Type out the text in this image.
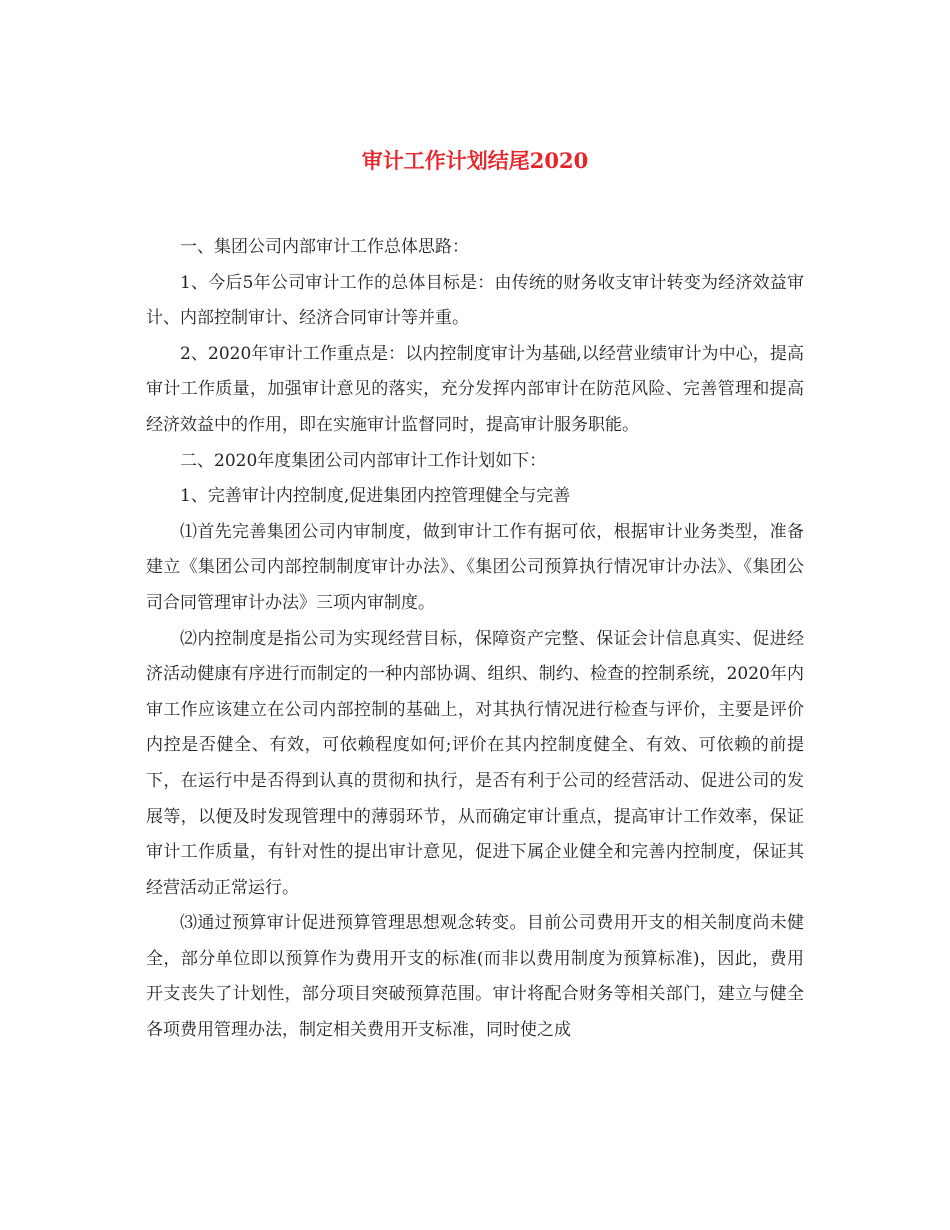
审计工作计划结尾2020

一、集团公司内部审计工作总体思路：

1、今后5年公司审计工作的总体目标是：由传统的财务收支审计转变为经济效益审计、内部控制审计、经济合同审计等并重。

2、2020年审计工作重点是：以内控制度审计为基础,以经营业绩审计为中心，提高审计工作质量，加强审计意见的落实，充分发挥内部审计在防范风险、完善管理和提高经济效益中的作用，即在实施审计监督同时，提高审计服务职能。

二、2020年度集团公司内部审计工作计划如下：

1、完善审计内控制度,促进集团内控管理健全与完善

⑴首先完善集团公司内审制度，做到审计工作有据可依，根据审计业务类型，准备建立《集团公司内部控制制度审计办法》、《集团公司预算执行情况审计办法》、《集团公司合同管理审计办法》三项内审制度。

⑵内控制度是指公司为实现经营目标，保障资产完整、保证会计信息真实、促进经济活动健康有序进行而制定的一种内部协调、组织、制约、检查的控制系统，2020年内审工作应该建立在公司内部控制的基础上，对其执行情况进行检查与评价，主要是评价内控是否健全、有效，可依赖程度如何;评价在其内控制度健全、有效、可依赖的前提下，在运行中是否得到认真的贯彻和执行，是否有利于公司的经营活动、促进公司的发展等，以便及时发现管理中的薄弱环节，从而确定审计重点，提高审计工作效率，保证审计工作质量，有针对性的提出审计意见，促进下属企业健全和完善内控制度，保证其经营活动正常运行。

⑶通过预算审计促进预算管理思想观念转变。目前公司费用开支的相关制度尚未健全，部分单位即以预算作为费用开支的标准(而非以费用制度为预算标准)，因此，费用开支丧失了计划性，部分项目突破预算范围。审计将配合财务等相关部门，建立与健全各项费用管理办法，制定相关费用开支标准，同时使之成
